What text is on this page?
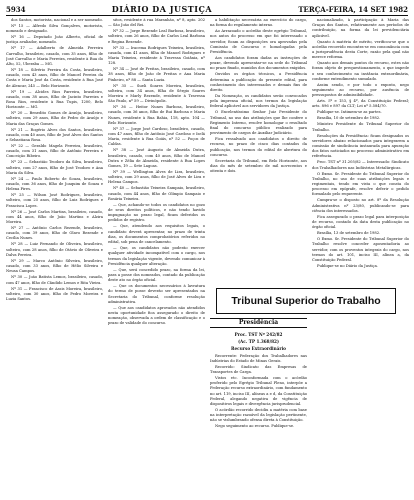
5934	DIÁRIO DA JUSTIÇA	TERÇA-FEIRA, 14 SET 1982

dos Santos, motorista, nacional e a ser nomeado.

Nº 15 — Alfredo Silva Gonçalves, motorista, nomeado e designado.

Nº 16 — Deputado João Alberto, oficial de justiça avaliador, nomeado.

Nº 17 — Adalberto de Almeida Ferreira Carvalho, brasileiro, casado, com 35 anos, filho de José Carvalho e Maria Ferreira, residente à Rua do Alto, 52, Uberaba — MG.

Nº 18 — Silvério Pereira da Costa, brasileiro, casado, com 43 anos, filho de Manoel Pereira da Costa e Maria José da Costa, residente à Rua José de Alencar, 245 — Belo Horizonte.

Nº 19 — Alcides Rios Parreira, brasileiro, casado, com 38 anos, filho de Jacinto Parreira e Rosa Rios, residente à Rua Tupis, 1200, Belo Horizonte — MG.

Nº 20 — Benedito Gomes de Araújo, brasileiro, solteiro, com 29 anos, filho de Pedro de Araújo e Maria das Graças Gomes.

Nº 21 — Rogério Alves dos Santos, brasileiro, casado, com 40 anos, filho de José Alves dos Santos e Sebastiana Rosa.

Nº 22 — Geraldo Magela Ferreira, brasileiro, casado, com 31 anos, filho de Antônio Ferreira e Conceição Ribeiro.

Nº 23 — Sebastião Teodoro da Silva, brasileiro, solteiro, com 27 anos, filho de José Teodoro e Ana Maria da Silva.

Nº 24 — Paulo Roberto de Souza, brasileiro, casado, com 36 anos, filho de Joaquim de Souza e Helena Pires.

Nº 25 — Wilson José Rodrigues, brasileiro, solteiro, com 25 anos, filho de Luiz Rodrigues e Francisca Lopes.

Nº 26 — José Carlos Martins, brasileiro, casado, com 44 anos, filho de João Martins e Alzira Moreira.

Nº 27 — Antônio Carlos Rezende, brasileiro, casado, com 39 anos, filho de Olavo Rezende e Cecília Nunes.

Nº 28 — Luiz Fernando de Oliveira, brasileiro, solteiro, com 28 anos, filho de Otávio de Oliveira e Dalva Pereira.

Nº 29 — Marco Antônio Silveira, brasileiro, casado, com 33 anos, filho de Hélio Silveira e Neusa Campos.

Nº 30 — João Batista Lemos, brasileiro, casado, com 47 anos, filho de Cândido Lemos e Rita Vieira.

Nº 31 — Francisco de Assis Moreira, brasileiro, solteiro, com 30 anos, filho de Pedro Moreira e Luzia Santos.

sitos, residente à rua Maranhão, nº 8, apto. 202 — São João del Rei.

Nº 32 — Jorge Rezende Leal Barbosa, brasileiro, solteiro, com 26 anos, filho de Carlos Leal Barbosa e Regina Rezende.

Nº 33 — Iracema Rodrigues Teixeira, brasileira, casada, com 41 anos, filha de Manoel Rodrigues e Maria Teixeira, residente à Travessa Goiânia, nº 128.

Nº 34 — José de Freitas, brasileiro, casado, com 38 anos, filho de João de Freitas e Ana Maria Pinheiro, nº 88 — Santa Luzia.

Nº 35 — Sueli Soares Moreira, brasileira, solteira, com 34 anos, filha de Sérgio Soares Moreira e Marly Rezende, residente à Travessa São Paulo, nº 59 — Divinópolis.

Nº 36 — Heitor Nunes Barbosa, brasileiro, casado, com 36 anos, filho de Rui Barbosa e Maria Nunes, residente à Rua Bahia, 118, apto. 104 — Belo Horizonte.

Nº 37 — Jorge José Cardoso, brasileiro, casado, com 47 anos, filho de Antônio José Cardoso e Iselá Maria, residente à Rua Goiás, nº 52 — Poços de Caldas.

Nº 38 — José Augusto de Almeida Dutra, brasileiro, casado, com 40 anos, filho de Manoel Dutra e Zélia de Almeida, residente à Rua Lopes Gomes, 19 — Sete Lagoas.

Nº 39 — Wellington Alves de Lira, brasileiro, solteiro, com 29 anos, filho de José Alves de Lira e Helena Campos.

Nº 40 — Sebastião Teixeira Sampaio, brasileiro, casado, com 44 anos, filho de Olímpio Sampaio e Rosária Teixeira.

— Que, achando-se todos os candidatos no gozo de seus direitos políticos, e não tendo havido impugnação no prazo legal, ficam deferidos os pedidos de registro.

— Que, atendendo aos requisitos legais, o candidato deverá apresentar, no prazo de trinta dias, os documentos comprobatórios referidos no edital, sob pena de cancelamento.

— Que, os candidatos não poderão exercer qualquer atividade incompatível com o cargo, nos termos da legislação vigente, devendo comunicar à Presidência qualquer alteração.

— Que, será concedido prazo, na forma da lei, para a posse dos nomeados, contado da publicação deste ato no órgão oficial.

— Que os documentos necessários à lavratura do termo de posse deverão ser apresentados na Secretaria do Tribunal, conforme resolução administrativa.

— Que aos candidatos aprovados não atendidos nesta oportunidade fica assegurado o direito de nomeação, observada a ordem de classificação e o prazo de validade do concurso.

a habilitação necessária ao exercício do cargo, na forma do regulamento interno.

Ao Arrazoado o acórdão deste egrégio Tribunal, nos autos do processo em que foi interessado o servidor, ficam as disposições ora aprovadas pela Comissão de Concurso e homologadas pela Presidência.

Aos candidatos foram dadas as instruções de praxe, devendo apresentar-se na sede do Tribunal no prazo fixado, munidos dos documentos exigidos.

Ouvidos os órgãos técnicos, a Presidência determina a publicação do presente edital, para conhecimento dos interessados e demais fins de direito.

Da Nomeação, os candidatos serão convocados pela imprensa oficial, nos termos da legislação federal aplicável aos servidores da Justiça.

O Excelentíssimo Senhor Juiz Presidente do Tribunal, no uso das atribuições que lhe confere o Regimento Interno, resolve homologar o resultado final do concurso público realizado para provimento de cargos de Auxiliar Judiciário.

Fica ressalvado aos candidatos o direito de recurso, no prazo de cinco dias contados da publicação, nos termos do edital de abertura do concurso.

Secretaria do Tribunal, em Belo Horizonte, aos dias do mês de setembro de mil novecentos e oitenta e dois.

Tribunal Superior do Trabalho
Presidência
Proc. TST Nº 242/82
(Ac. TP 1.368/82)
Recurso Extraordinário

Recorrente: Federação dos Trabalhadores nas Indústrias do Estado de Minas Gerais.

Recorrido: Sindicato das Empresas de Transportes de Carga.

Vistos etc. Inconformada com o acórdão proferido pelo Egrégio Tribunal Pleno, interpõe a Federação recurso extraordinário, com fundamento no art. 119, inciso III, alíneas a e d, da Constituição Federal, alegando negativa de vigência de dispositivos legais e divergência jurisprudencial.

O acórdão recorrido decidiu a matéria com base na interpretação razoável da legislação pertinente, não se vislumbrando ofensa direta à Constituição.

Nego seguimento ao recurso. Publique-se.

nacionalizado, à participação à Maria das Graças dos Santos, relativamente aos períodos de contribuição, na forma da lei previdenciária aplicável.

Quanto à matéria de mérito, verificou-se que o acórdão recorrido encontra-se em consonância com a jurisprudência desta Corte, razão pela qual não merece reforma.

Quanto aos demais pontos do recurso, estes não foram objeto de prequestionamento, o que impede o seu conhecimento na instância extraordinária, conforme entendimento sumulado.

Assim sendo, e por todo o exposto, nego seguimento ao recurso, por ausência de pressupostos de admissibilidade.

Arts. 5º e 153, § 4º, da Constituição Federal; arts. 896 e 897 da CLT; Lei nº 5.584/70.

Publique-se. Intimem-se as partes.

Brasília, 10 de setembro de 1982.

Ministro Presidente do Tribunal Superior do Trabalho.

Resoluções da Presidência: ficam designados os servidores abaixo relacionados para integrarem a comissão de sindicância instaurada para apuração dos fatos noticiados no processo administrativo em referência.

Proc. TST nº 31.205/82 — Interessado: Sindicato dos Trabalhadores nas Indústrias Metalúrgicas.

O Exmo. Sr. Presidente do Tribunal Superior do Trabalho, no uso de suas atribuições legais e regimentais, tendo em vista o que consta do processo em epígrafe, resolve deferir o pedido formulado pelo requerente.

Cumpra-se o disposto no art. 8º da Resolução Administrativa nº 23/80, publicando-se para ciência dos interessados.

Fica assegurado o prazo legal para interposição de recurso, contado da data desta publicação no órgão oficial.

Brasília, 13 de setembro de 1982.

O Exmo. Sr. Presidente do Tribunal Superior do Trabalho resolve conceder aposentadoria ao servidor, com os proventos integrais do cargo, nos termos do art. 101, inciso III, alínea a, da Constituição Federal.

Publique-se no Diário da Justiça.
